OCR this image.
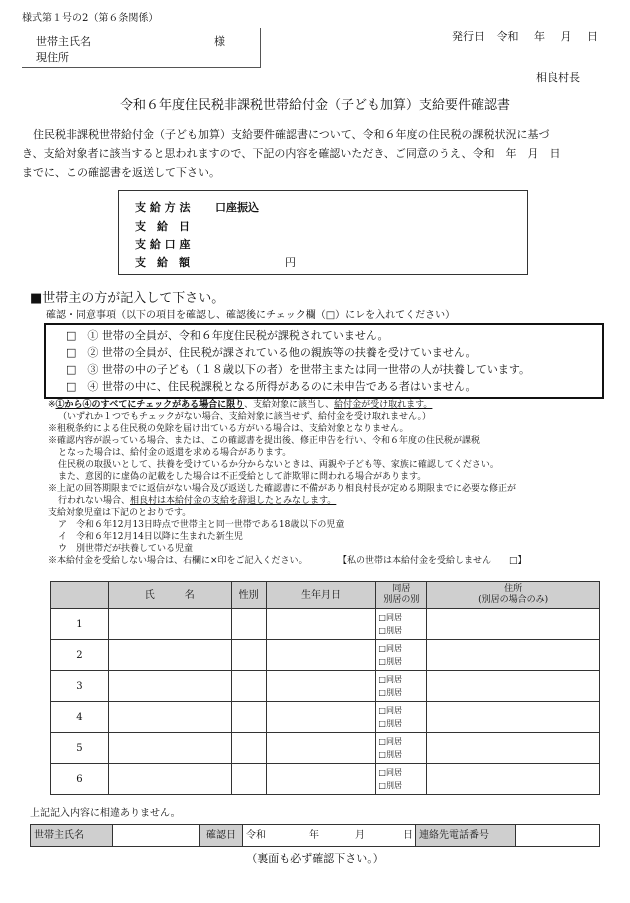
様式第１号の2（第６条関係）
世帯主氏名	様
現住所
発行日 令和 年 月 日
相良村長
令和６年度住民税非課税世帯給付金（子ども加算）支給要件確認書
住民税非課税世帯給付金（子ども加算）支給要件確認書について、令和６年度の住民税の課税状況に基づ
き、支給対象者に該当すると思われますので、下記の内容を確認いただき、ご同意のうえ、令和　年　月　日
までに、この確認書を返送して下さい。
支 給 方 法 口座振込
支　給　日
支 給 口 座
支　給　額	円
■世帯主の方が記入して下さい。
確認・同意事項（以下の項目を確認し、確認後にチェック欄（□）にレを入れてください）
□　① 世帯の全員が、令和６年度住民税が課税されていません。
□　② 世帯の全員が、住民税が課されている他の親族等の扶養を受けていません。
□　③ 世帯の中の子ども（１８歳以下の者）を世帯主または同一世帯の人が扶養しています。
□　④ 世帯の中に、住民税課税となる所得があるのに未申告である者はいません。
※①から④のすべてにチェックがある場合に限り、支給対象に該当し、給付金が受け取れます。
（いずれか１つでもチェックがない場合、支給対象に該当せず、給付金を受け取れません。）
※租税条約による住民税の免除を届け出ている方がいる場合は、支給対象となりません。
※確認内容が誤っている場合、または、この確認書を提出後、修正申告を行い、令和６年度の住民税が課税
となった場合は、給付金の返還を求める場合があります。
住民税の取扱いとして、扶養を受けているか分からないときは、両親や子ども等、家族に確認してください。
また、意図的に虚偽の記載をした場合は不正受給として詐欺罪に問われる場合があります。
※上記の回答期限までに返信がない場合及び返送した確認書に不備があり相良村長が定める期限までに必要な修正が
行われない場合、相良村は本給付金の支給を辞退したとみなします。
支給対象児童は下記のとおりです。
ア　令和６年12月13日時点で世帯主と同一世帯である18歳以下の児童
イ　令和６年12月14日以降に生まれた新生児
ウ　別世帯だが扶養している児童
※本給付金を受給しない場合は、右欄に×印をご記入ください。	【私の世帯は本給付金を受給しません　　□】
	氏　　　名	性別	生年月日	同居
別居の別	住所
(別居の場合のみ)
1				□同居
□別居	

2				□同居
□別居	

3				□同居
□別居	

4				□同居
□別居	

5				□同居
□別居	

6				□同居
□別居	

上記記入内容に相違ありません。
世帯主氏名		確認日	令和	年	月	日	連絡先電話番号	
（裏面も必ず確認下さい。）
